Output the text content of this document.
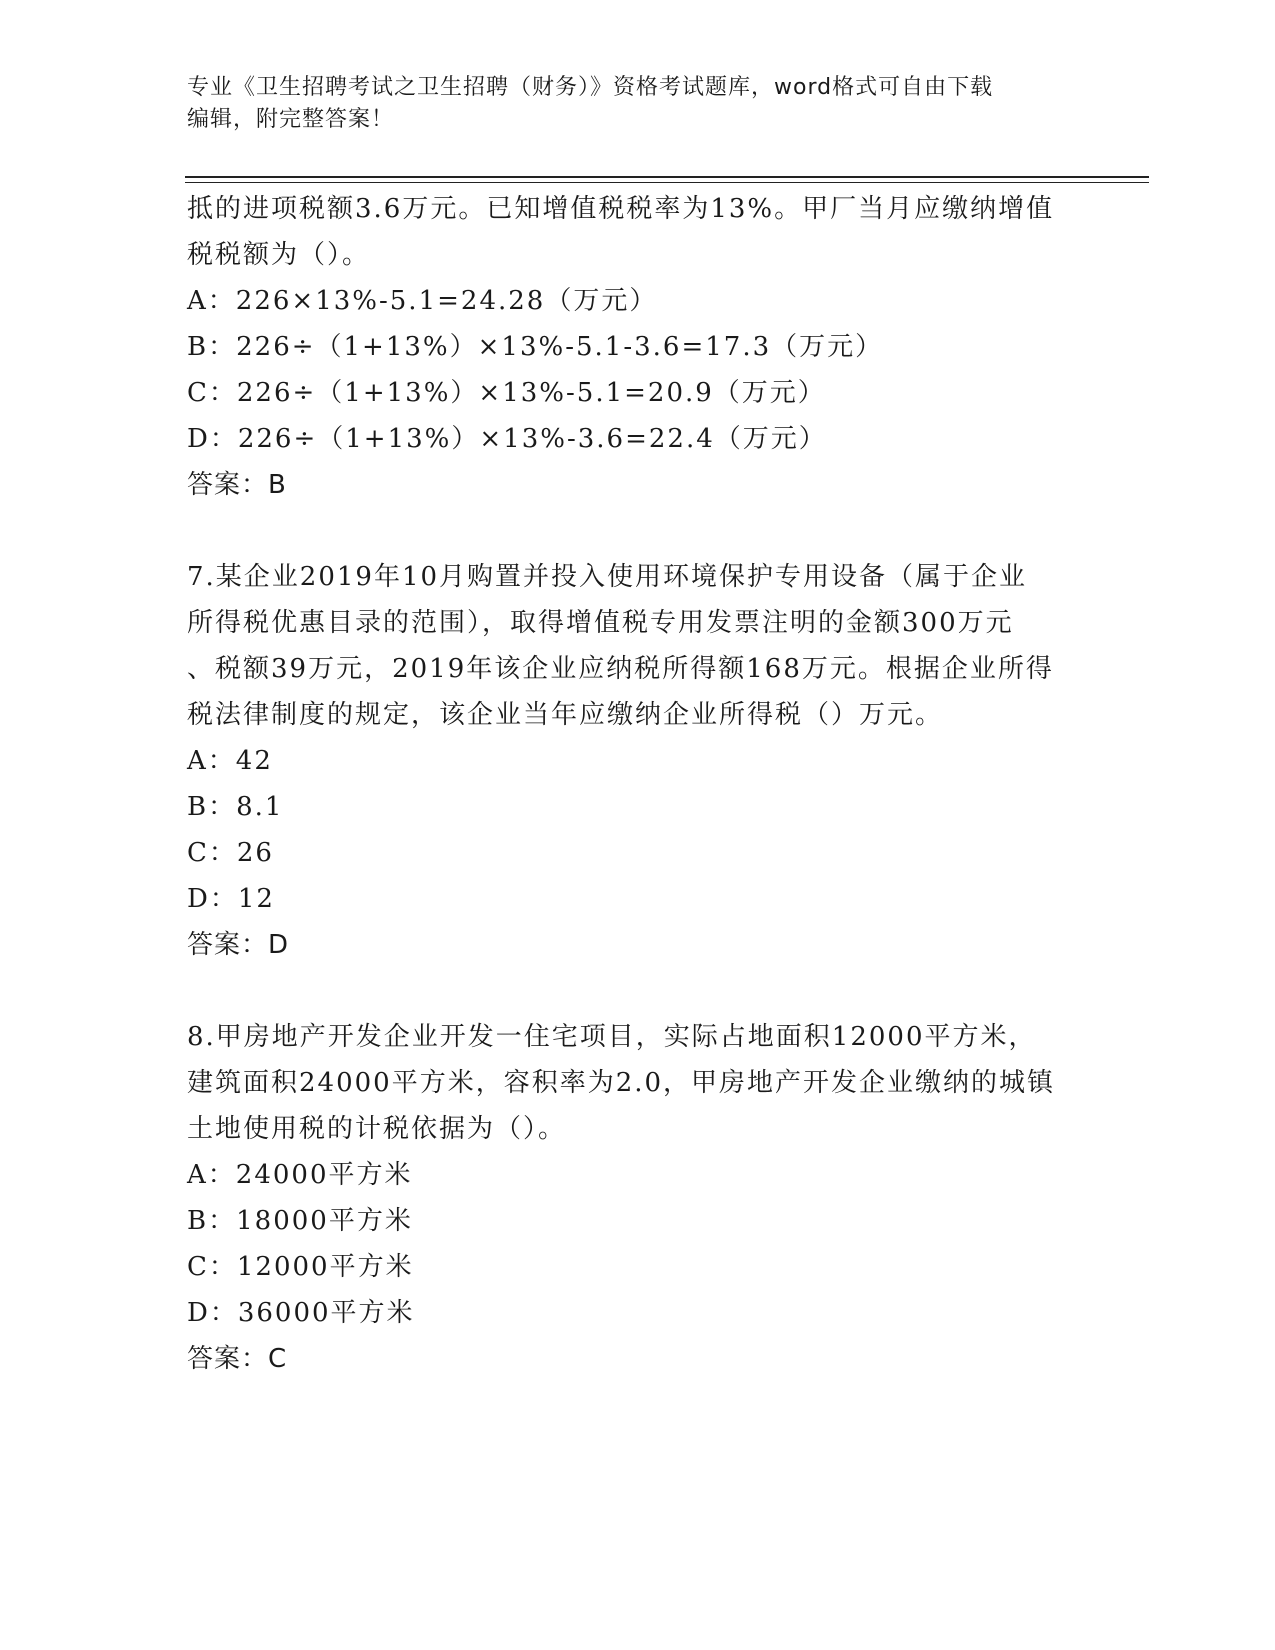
专业《卫生招聘考试之卫生招聘（财务）》资格考试题库，word格式可自由下载
编辑，附完整答案！

抵的进项税额3.6万元。已知增值税税率为13%。甲厂当月应缴纳增值

税税额为（）。

A：226×13%-5.1=24.28（万元）

B：226÷（1+13%）×13%-5.1-3.6=17.3（万元）

C：226÷（1+13%）×13%-5.1=20.9（万元）

D：226÷（1+13%）×13%-3.6=22.4（万元）

答案：B

7.某企业2019年10月购置并投入使用环境保护专用设备（属于企业

所得税优惠目录的范围），取得增值税专用发票注明的金额300万元

、税额39万元，2019年该企业应纳税所得额168万元。根据企业所得

税法律制度的规定，该企业当年应缴纳企业所得税（）万元。

A：42

B：8.1

C：26

D：12

答案：D

8.甲房地产开发企业开发一住宅项目，实际占地面积12000平方米，

建筑面积24000平方米，容积率为2.0，甲房地产开发企业缴纳的城镇

土地使用税的计税依据为（）。

A：24000平方米

B：18000平方米

C：12000平方米

D：36000平方米

答案：C
